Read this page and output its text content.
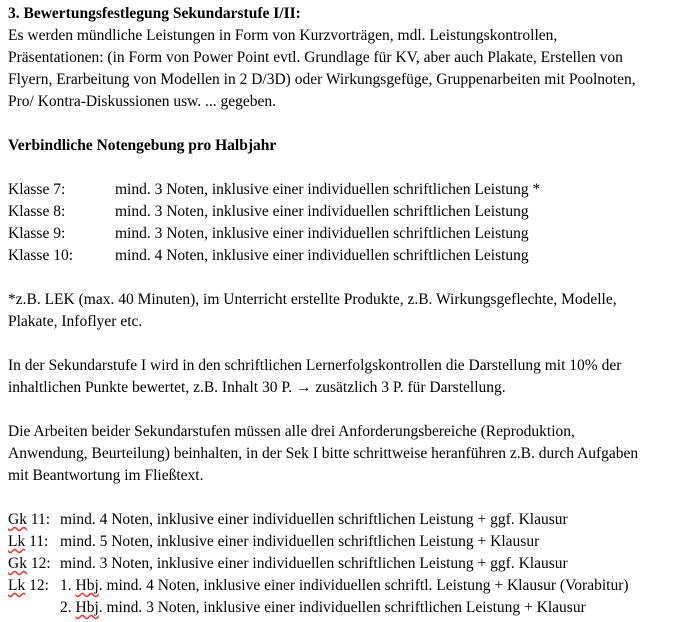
3. Bewertungsfestlegung Sekundarstufe I/II:
Es werden mündliche Leistungen in Form von Kurzvorträgen, mdl. Leistungskontrollen,
Präsentationen: (in Form von Power Point evtl. Grundlage für KV, aber auch Plakate, Erstellen von
Flyern, Erarbeitung von Modellen in 2 D/3D) oder Wirkungsgefüge, Gruppenarbeiten mit Poolnoten,
Pro/ Kontra-Diskussionen usw. ... gegeben.
Verbindliche Notengebung pro Halbjahr
Klasse 7:	mind. 3 Noten, inklusive einer individuellen schriftlichen Leistung *
Klasse 8:	mind. 3 Noten, inklusive einer individuellen schriftlichen Leistung
Klasse 9:	mind. 3 Noten, inklusive einer individuellen schriftlichen Leistung
Klasse 10:	mind. 4 Noten, inklusive einer individuellen schriftlichen Leistung
*z.B. LEK (max. 40 Minuten), im Unterricht erstellte Produkte, z.B. Wirkungsgeflechte, Modelle,
Plakate, Infoflyer etc.
In der Sekundarstufe I wird in den schriftlichen Lernerfolgskontrollen die Darstellung mit 10% der
inhaltlichen Punkte bewertet, z.B. Inhalt 30 P. → zusätzlich 3 P. für Darstellung.
Die Arbeiten beider Sekundarstufen müssen alle drei Anforderungsbereiche (Reproduktion,
Anwendung, Beurteilung) beinhalten, in der Sek I bitte schrittweise heranführen z.B. durch Aufgaben
mit Beantwortung im Fließtext.
Gk 11: mind. 4 Noten, inklusive einer individuellen schriftlichen Leistung + ggf. Klausur
Lk 11: mind. 5 Noten, inklusive einer individuellen schriftlichen Leistung + Klausur
Gk 12: mind. 3 Noten, inklusive einer individuellen schriftlichen Leistung + ggf. Klausur
Lk 12: 1. Hbj. mind. 4 Noten, inklusive einer individuellen schriftl. Leistung + Klausur (Vorabitur)
2. Hbj. mind. 3 Noten, inklusive einer individuellen schriftlichen Leistung + Klausur
